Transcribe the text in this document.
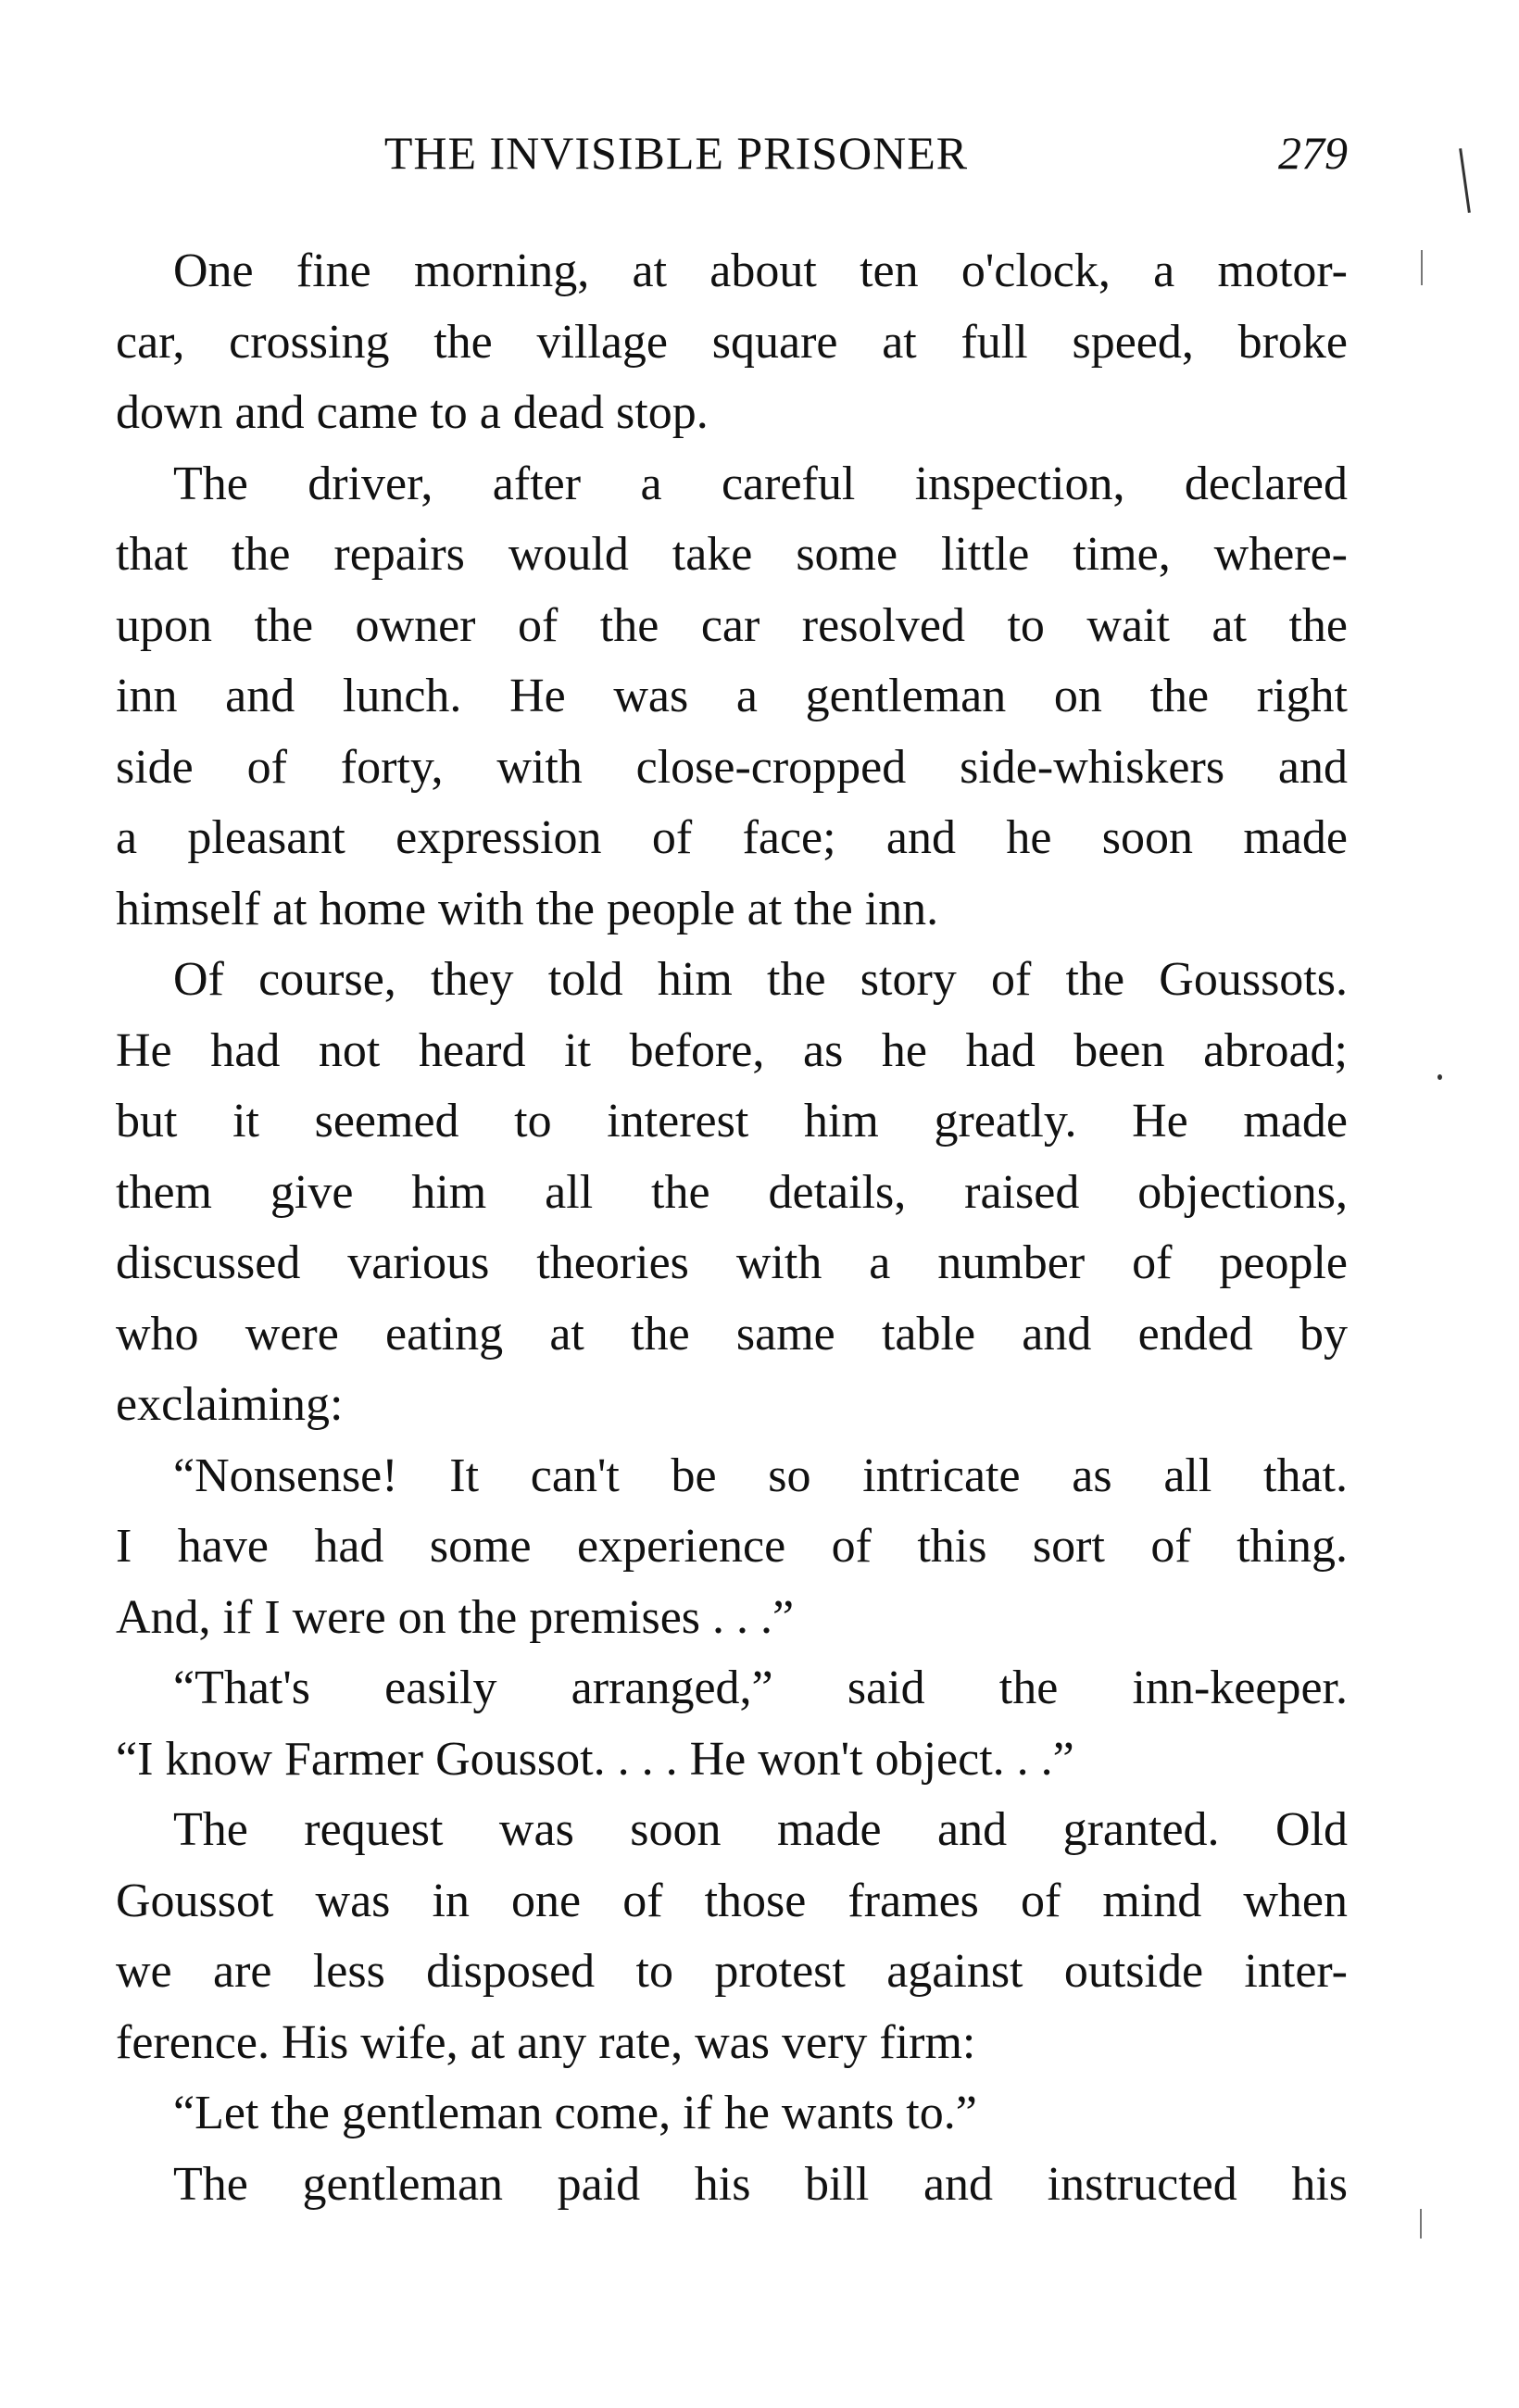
THE INVISIBLE PRISONER	279
One fine morning, at about ten o'clock, a motor-
car, crossing the village square at full speed, broke
down and came to a dead stop.
The driver, after a careful inspection, declared
that the repairs would take some little time, where-
upon the owner of the car resolved to wait at the
inn and lunch. He was a gentleman on the right
side of forty, with close-cropped side-whiskers and
a pleasant expression of face; and he soon made
himself at home with the people at the inn.
Of course, they told him the story of the Goussots.
He had not heard it before, as he had been abroad;
but it seemed to interest him greatly. He made
them give him all the details, raised objections,
discussed various theories with a number of people
who were eating at the same table and ended by
exclaiming:
“Nonsense! It can't be so intricate as all that.
I have had some experience of this sort of thing.
And, if I were on the premises . . .”
“That's easily arranged,” said the inn-keeper.
“I know Farmer Goussot. . . . He won't object. . .”
The request was soon made and granted. Old
Goussot was in one of those frames of mind when
we are less disposed to protest against outside inter-
ference. His wife, at any rate, was very firm:
“Let the gentleman come, if he wants to.”
The gentleman paid his bill and instructed his
